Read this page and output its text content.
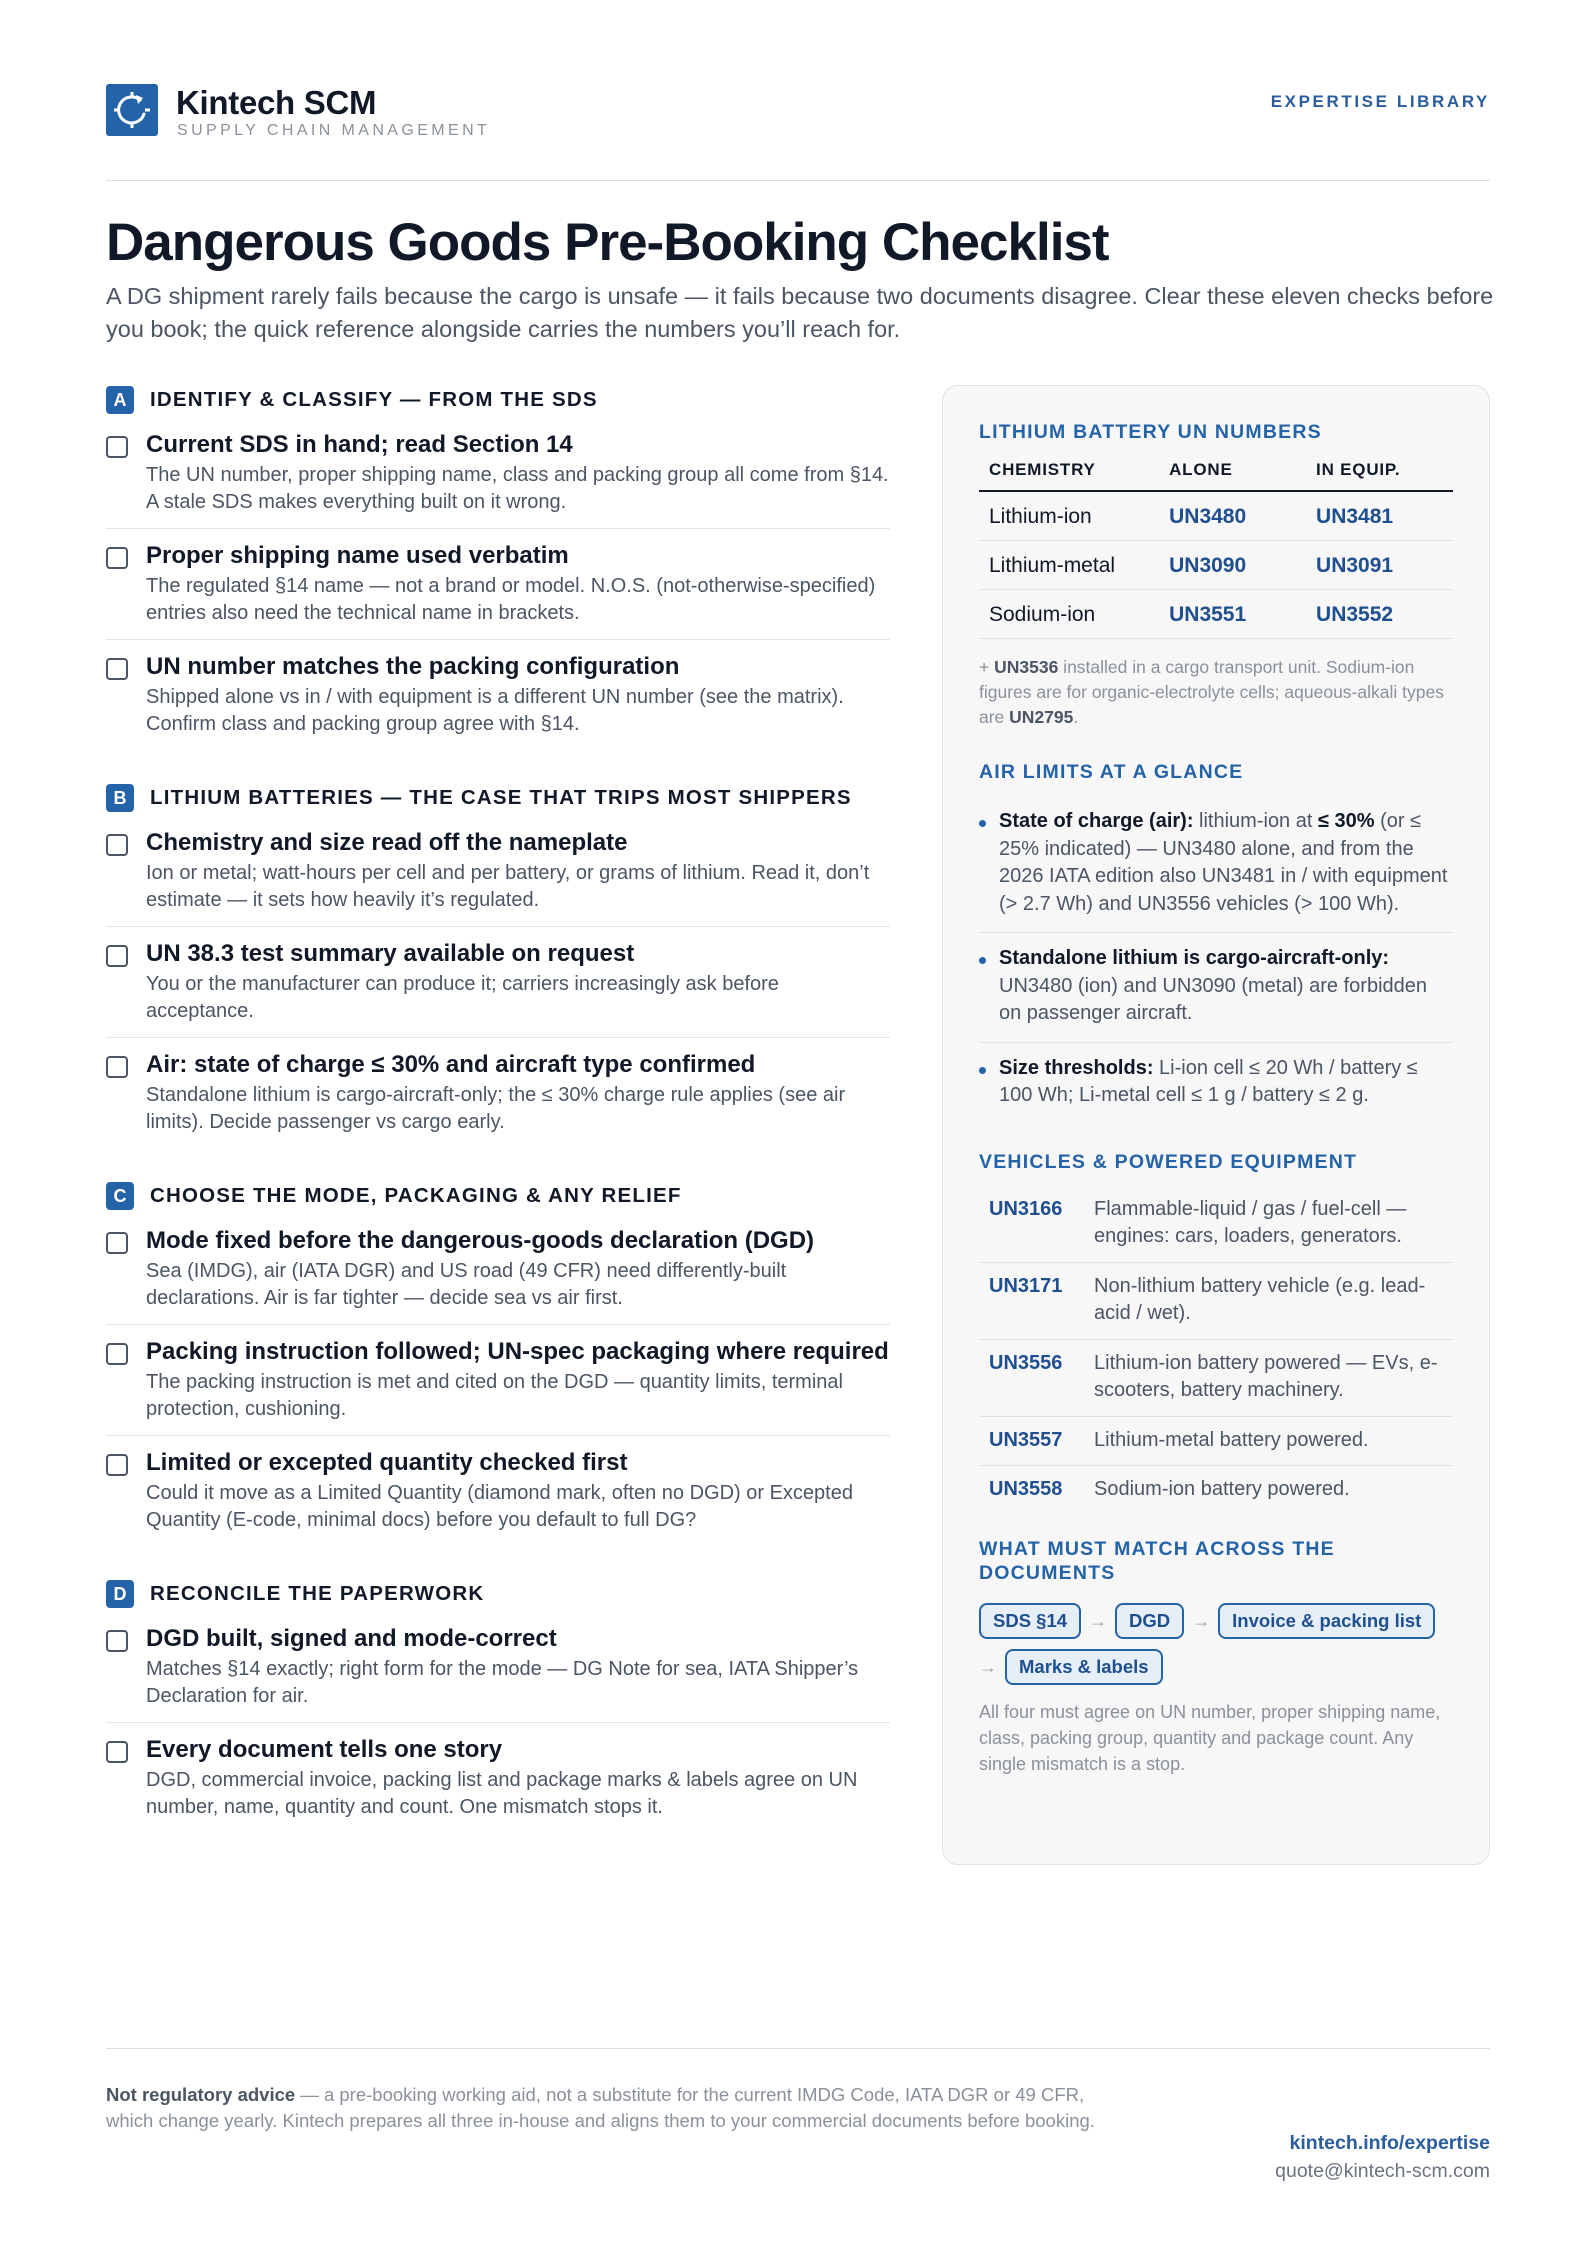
Kintech SCM
SUPPLY CHAIN MANAGEMENT
EXPERTISE LIBRARY
Dangerous Goods Pre-Booking Checklist

A DG shipment rarely fails because the cargo is unsafe — it fails because two documents disagree. Clear these eleven checks before you book; the quick reference alongside carries the numbers you’ll reach for.

A	IDENTIFY & CLASSIFY — FROM THE SDS
Current SDS in hand; read Section 14
The UN number, proper shipping name, class and packing group all come from §14. A stale SDS makes everything built on it wrong.
Proper shipping name used verbatim
The regulated §14 name — not a brand or model. N.O.S. (not-otherwise-specified) entries also need the technical name in brackets.
UN number matches the packing configuration
Shipped alone vs in / with equipment is a different UN number (see the matrix). Confirm class and packing group agree with §14.
B	LITHIUM BATTERIES — THE CASE THAT TRIPS MOST SHIPPERS
Chemistry and size read off the nameplate
Ion or metal; watt-hours per cell and per battery, or grams of lithium. Read it, don’t estimate — it sets how heavily it’s regulated.
UN 38.3 test summary available on request
You or the manufacturer can produce it; carriers increasingly ask before acceptance.
Air: state of charge ≤ 30% and aircraft type confirmed
Standalone lithium is cargo-aircraft-only; the ≤ 30% charge rule applies (see air limits). Decide passenger vs cargo early.
C	CHOOSE THE MODE, PACKAGING & ANY RELIEF
Mode fixed before the dangerous-goods declaration (DGD)
Sea (IMDG), air (IATA DGR) and US road (49 CFR) need differently-built declarations. Air is far tighter — decide sea vs air first.
Packing instruction followed; UN-spec packaging where required
The packing instruction is met and cited on the DGD — quantity limits, terminal protection, cushioning.
Limited or excepted quantity checked first
Could it move as a Limited Quantity (diamond mark, often no DGD) or Excepted Quantity (E-code, minimal docs) before you default to full DG?
D	RECONCILE THE PAPERWORK
DGD built, signed and mode-correct
Matches §14 exactly; right form for the mode — DG Note for sea, IATA Shipper’s Declaration for air.
Every document tells one story
DGD, commercial invoice, packing list and package marks & labels agree on UN number, name, quantity and count. One mismatch stops it.
LITHIUM BATTERY UN NUMBERS
CHEMISTRY	ALONE	IN EQUIP.
Lithium-ion	UN3480	UN3481
Lithium-metal	UN3090	UN3091
Sodium-ion	UN3551	UN3552

+ UN3536 installed in a cargo transport unit. Sodium-ion figures are for organic-electrolyte cells; aqueous-alkali types are UN2795.

AIR LIMITS AT A GLANCE
State of charge (air): lithium-ion at ≤ 30% (or ≤ 25% indicated) — UN3480 alone, and from the 2026 IATA edition also UN3481 in / with equipment (> 2.7 Wh) and UN3556 vehicles (> 100 Wh).
Standalone lithium is cargo-aircraft-only: UN3480 (ion) and UN3090 (metal) are forbidden on passenger aircraft.
Size thresholds: Li-ion cell ≤ 20 Wh / battery ≤ 100 Wh; Li-metal cell ≤ 1 g / battery ≤ 2 g.
VEHICLES & POWERED EQUIPMENT
UN3166	Flammable-liquid / gas / fuel-cell — engines: cars, loaders, generators.
UN3171	Non-lithium battery vehicle (e.g. lead-acid / wet).
UN3556	Lithium-ion battery powered — EVs, e-scooters, battery machinery.
UN3557	Lithium-metal battery powered.
UN3558	Sodium-ion battery powered.
WHAT MUST MATCH ACROSS THE DOCUMENTS
SDS §14 → DGD → Invoice & packing list
→ Marks & labels

All four must agree on UN number, proper shipping name, class, packing group, quantity and package count. Any single mismatch is a stop.

Not regulatory advice — a pre-booking working aid, not a substitute for the current IMDG Code, IATA DGR or 49 CFR, which change yearly. Kintech prepares all three in-house and aligns them to your commercial documents before booking.

kintech.info/expertise
quote@kintech-scm.com
